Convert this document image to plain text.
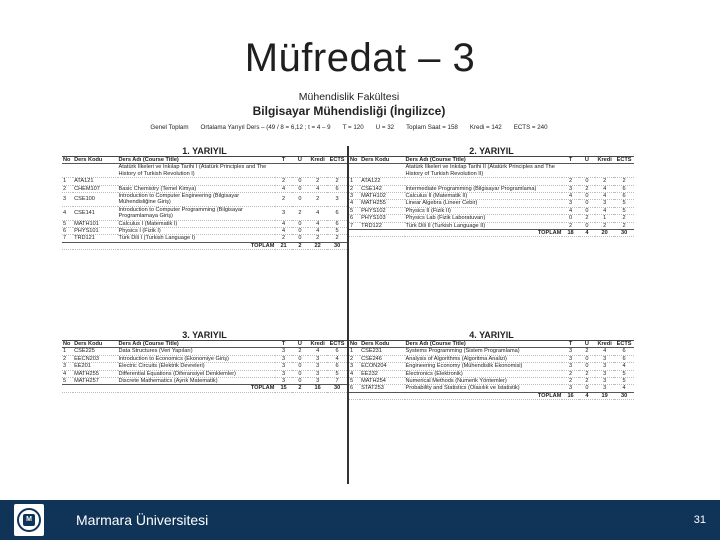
Müfredat – 3
Mühendislik Fakültesi
Bilgisayar Mühendisliği (İngilizce)
Genel Toplam	Ortalama Yarıyıl Ders – (49 / 8 = 6,12 ; t = 4 – 9	T = 120	U = 32	Toplam Saat = 158	Kredi = 142	ECTS = 240
1. YARIYIL
No	Ders Kodu	Ders Adı (Course Title)	T	U	Kredi	ECTS
		Atatürk İlkeleri ve İnkılap Tarihi I (Atatürk Principles and The History of Turkish Revolution I)				
1	ATA121		2	0	2	2
2	CHEM107	Basic Chemistry (Temel Kimya)	4	0	4	6
3	CSE100	Introduction to Computer Engineering (Bilgisayar Mühendisliğine Giriş)	2	0	2	3
4	CSE141	Introduction to Computer Programming (Bilgisayar Programlamaya Giriş)	3	2	4	6
5	MATH101	Calculus I (Matematik I)	4	0	4	6
6	PHYS101	Physics I (Fizik I)	4	0	4	5
7	TRD121	Türk Dili I (Turkish Language I)	2	0	2	2
TOPLAM			21	2	22	30
2. YARIYIL
No	Ders Kodu	Ders Adı (Course Title)	T	U	Kredi	ECTS
		Atatürk İlkeleri ve İnkılap Tarihi II (Atatürk Principles and The History of Turkish Revolution II)				
1	ATA122		2	0	2	2
2	CSE142	Intermediate Programming (Bilgisayar Programlama)	3	2	4	6
3	MATH102	Calculus II (Matematik II)	4	0	4	6
4	MATH255	Linear Algebra (Lineer Cebir)	3	0	3	5
5	PHYS102	Physics II (Fizik II)	4	0	4	5
6	PHYS103	Physics Lab (Fizik Laboratuvarı)	0	2	1	2
7	TRD122	Türk Dili II (Turkish Language II)	2	0	2	2
TOPLAM			18	4	20	30
3. YARIYIL
No	Ders Kodu	Ders Adı (Course Title)	T	U	Kredi	ECTS
1	CSE225	Data Structures (Veri Yapıları)	3	2	4	6
2	EECN203	Introduction to Economics (Ekonomiye Giriş)	3	0	3	4
3	EE201	Electric Circuits (Elektrik Devreleri)	3	0	3	6
4	MATH255	Differential Equations (Diferansiyel Denklemler)	3	0	3	5
5	MATH257	Discrete Mathematics (Ayrık Matematik)	3	0	3	7
TOPLAM			15	2	16	30
4. YARIYIL
No	Ders Kodu	Ders Adı (Course Title)	T	U	Kredi	ECTS
1	CSE231	Systems Programming (Sistem Programlama)	3	2	4	6
2	CSE246	Analysis of Algorithms (Algoritma Analizi)	3	0	3	6
3	ECON204	Engineering Economy (Mühendislik Ekonomisi)	3	0	3	4
4	EE232	Electronics (Elektronik)	2	2	3	5
5	MATH254	Numerical Methods (Numerik Yöntemler)	2	2	3	5
6	STAT253	Probability and Statistics (Olasılık ve İstatistik)	3	0	3	4
TOPLAM			16	4	19	30
M	Marmara Üniversitesi	31
